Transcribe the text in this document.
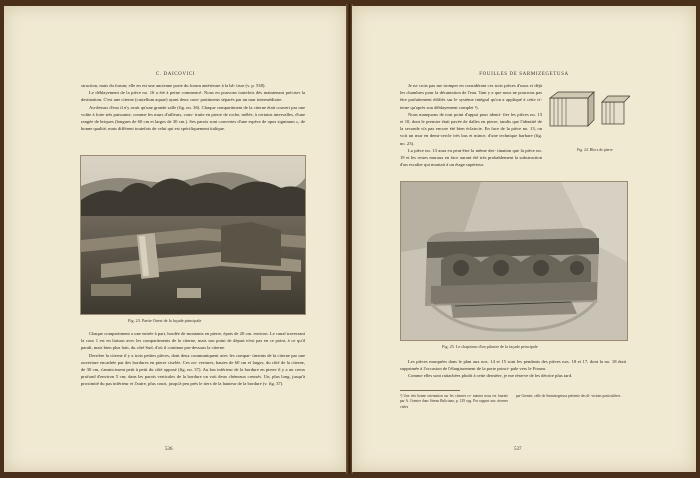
C. DAICOVICI

struction, mais du forum; elle en est une ancienne porte du forum antérieure à la bâ- tisse (v. p. 538).

Le déblayement de la pièce no. 16 a été à peine commencé. Nous en pouvons toutefois dès maintenant préciser la destination. C'est une citerne (castellum aquae) ayant deux com- partiments séparés par un mur intermédiaire.

Au-dessus d'eux il n'y avait qu'une grande salle (fig. no. 36). Chaque compartiment de la citerne était couvert par une voûte à forte très puissante, comme les murs d'ailleurs, cons- truite en pierre de roche, mêlée, à certains intervalles, d'une rangée de briques (longues de 60 cm et larges de 30 cm.). Ses parois sont couvertes d'une espèce de opus signinum », de bonne qualité, mais différent toutefois de celui qui est spécifiquement italique.

Fig. 23. Partie Ouest de la façade principale

Chaque compartiment a une entrée à part, bordée de montants en pierre, épais de 20 cm. environ. Le canal traversant la cour 1 est en liaison avec les compartiments de la citerne, mais son point de départ n'est pas en ce point, à ce qu'il paraît, mais bien plus loin, du côté Sud, d'où il continue par-dessous la citerne.

Derrière la citerne il y a trois petites pièces, dont deux communiquent avec les compar- timents de la citerne par une ouverture encadrée par des bordures en pierre ciselée. Ces ou- vertures, hautes de 60 cm et larges, du côté de la citerne, de 30 cm, s'amincissent petit à petit du côté opposé (fig. no. 37). Au bas inférieur de la bordure en pierre il y a un creux profond d'environ 5 cm; dans les parois verticales de la bordure on voit deux chéneaux creusés. Un, plus long, jusqu'à proximité du pas inférieur et l'autre, plus court, jusqu'à peu près le tiers de la hauteur de la bordure (v. fig. 37).

536
FOUILLES DE SARMIZEGETUSA

Je ne crois pas me tromper en considérant ces trois pièces d'usus et déjà les chambres pour la décantation de l'eau. Tant y a que nous ne pourrons pas être parfaitement édifiés sur le système intégral qu'on a appliqué à cette ci- terne qu'après son déblayement complet ¹).

Nous manquons de tout point d'appui pour identi- fier les pièces no. 13 et 10, dont le premier était pavée de dalles en pierre, tandis que l'identité de la seconde n'a pas encore été bien éclaircie. En face de la pièce no. 13, on voit un mur en demi-cercle très bas et mince, d'une technique barbare (fig. no. 23).

La pièce no. 13 aura eu peut-être la même des- tination que la pièce no. 19 et les restes muraux en face auront été très probablement la substruction d'un escalier qui montait à un étage supérieur.

Fig. 24. Blocs de pierre
Fig. 25. Le chapiteau d'un pilastre de la façade principale

Les pièces marquées dans le plan aux nos. 14 et 15 sont les pendants des pièces nos. 18 et 17, dont la no. 18 était supprimée à l'occasion de l'élargissement de la porte princi- pale vers le Forum.

Comme elles sont rattachées plutôt à cette dernière, je me réserve de les décrire plus tard.

¹) Une très bonne orientation sur les citernes ro- maines nous est fournie par A. Grenier dans Strena Buliciana, p. 129 sqq. Par rapport aux citernes citées
par Grenier, celle de Sarmizegetusa présente des di- visions particulières.
537
